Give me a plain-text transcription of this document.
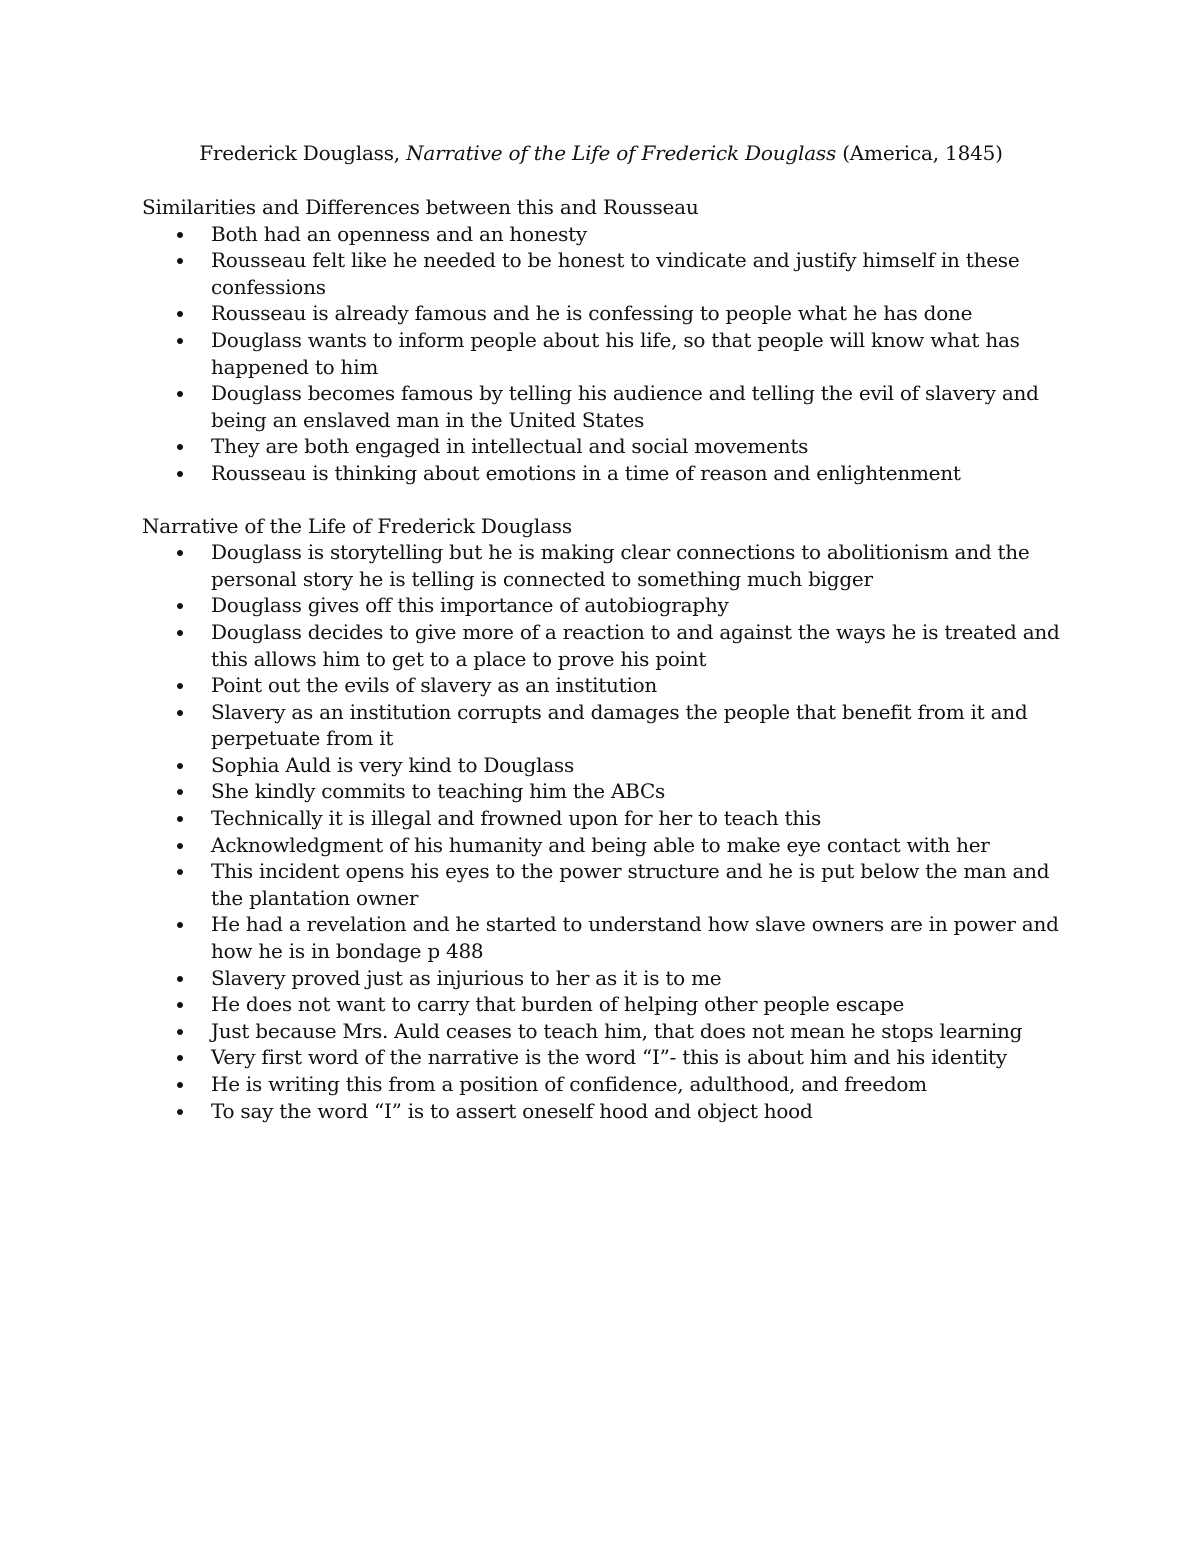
Frederick Douglass, Narrative of the Life of Frederick Douglass (America, 1845)
Similarities and Differences between this and Rousseau
Both had an openness and an honesty
Rousseau felt like he needed to be honest to vindicate and justify himself in these confessions
Rousseau is already famous and he is confessing to people what he has done
Douglass wants to inform people about his life, so that people will know what has happened to him
Douglass becomes famous by telling his audience and telling the evil of slavery and being an enslaved man in the United States
They are both engaged in intellectual and social movements
Rousseau is thinking about emotions in a time of reason and enlightenment
Narrative of the Life of Frederick Douglass
Douglass is storytelling but he is making clear connections to abolitionism and the personal story he is telling is connected to something much bigger
Douglass gives off this importance of autobiography
Douglass decides to give more of a reaction to and against the ways he is treated and this allows him to get to a place to prove his point
Point out the evils of slavery as an institution
Slavery as an institution corrupts and damages the people that benefit from it and perpetuate from it
Sophia Auld is very kind to Douglass
She kindly commits to teaching him the ABCs
Technically it is illegal and frowned upon for her to teach this
Acknowledgment of his humanity and being able to make eye contact with her
This incident opens his eyes to the power structure and he is put below the man and the plantation owner
He had a revelation and he started to understand how slave owners are in power and how he is in bondage p 488
Slavery proved just as injurious to her as it is to me
He does not want to carry that burden of helping other people escape
Just because Mrs. Auld ceases to teach him, that does not mean he stops learning
Very first word of the narrative is the word “I”- this is about him and his identity
He is writing this from a position of confidence, adulthood, and freedom
To say the word “I” is to assert oneself hood and object hood
